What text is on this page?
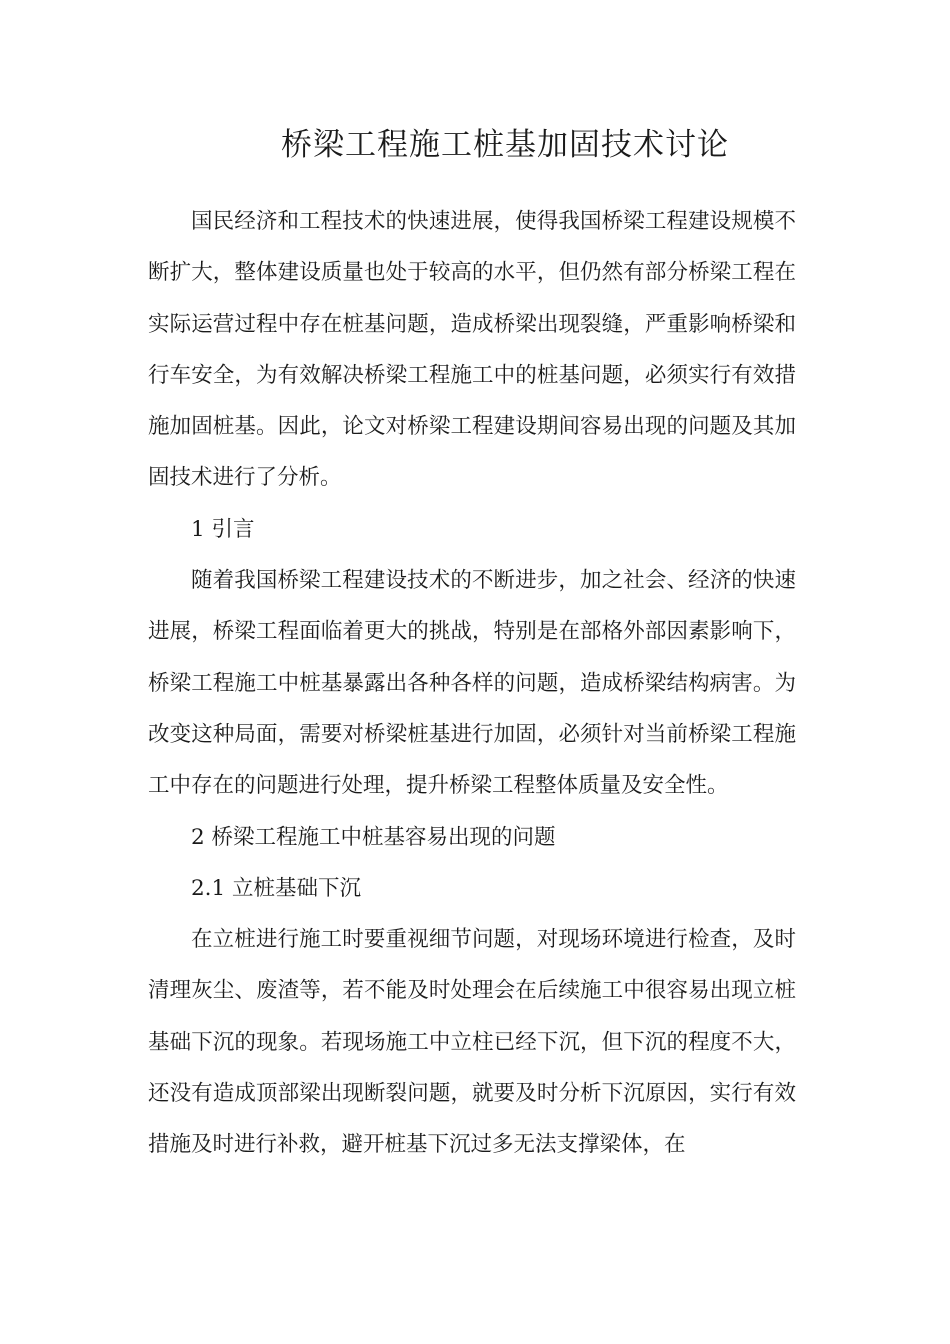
桥梁工程施工桩基加固技术讨论

国民经济和工程技术的快速进展，使得我国桥梁工程建设规模不断扩大，整体建设质量也处于较高的水平，但仍然有部分桥梁工程在实际运营过程中存在桩基问题，造成桥梁出现裂缝，严重影响桥梁和行车安全，为有效解决桥梁工程施工中的桩基问题，必须实行有效措施加固桩基。因此，论文对桥梁工程建设期间容易出现的问题及其加固技术进行了分析。

1 引言

随着我国桥梁工程建设技术的不断进步，加之社会、经济的快速进展，桥梁工程面临着更大的挑战，特别是在部格外部因素影响下，桥梁工程施工中桩基暴露出各种各样的问题，造成桥梁结构病害。为改变这种局面，需要对桥梁桩基进行加固，必须针对当前桥梁工程施工中存在的问题进行处理，提升桥梁工程整体质量及安全性。

2 桥梁工程施工中桩基容易出现的问题

2.1 立桩基础下沉

在立桩进行施工时要重视细节问题，对现场环境进行检查，及时清理灰尘、废渣等，若不能及时处理会在后续施工中很容易出现立桩基础下沉的现象。若现场施工中立柱已经下沉，但下沉的程度不大，还没有造成顶部梁出现断裂问题，就要及时分析下沉原因，实行有效措施及时进行补救，避开桩基下沉过多无法支撑梁体，在
